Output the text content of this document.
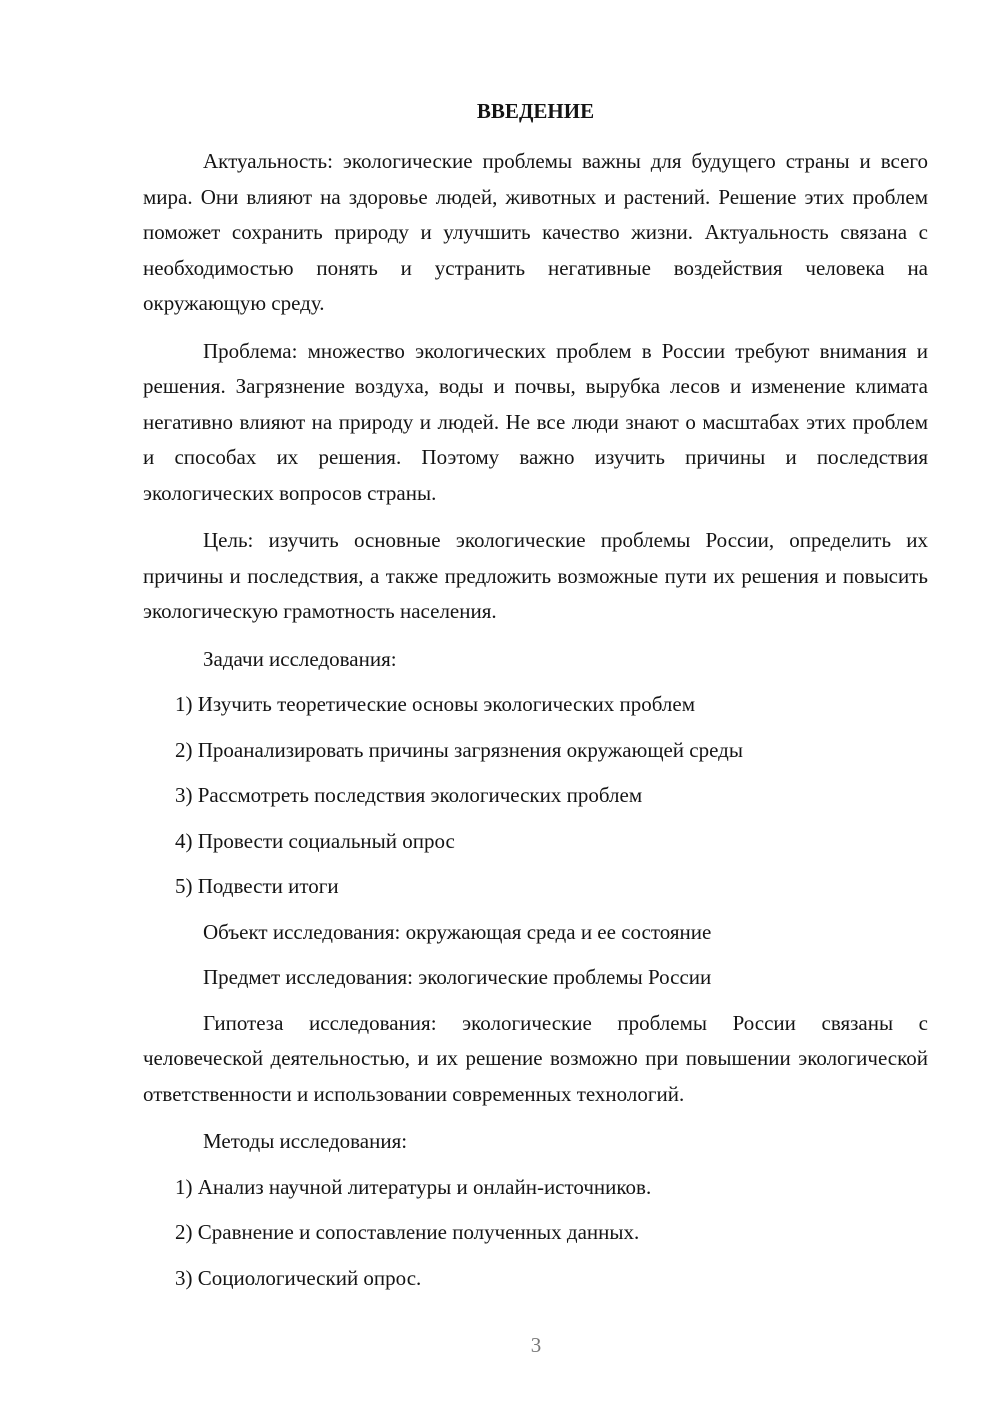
ВВЕДЕНИЕ
Актуальность: экологические проблемы важны для будущего страны и всего мира. Они влияют на здоровье людей, животных и растений. Решение этих проблем поможет сохранить природу и улучшить качество жизни. Актуальность связана с необходимостью понять и устранить негативные воздействия человека на окружающую среду.
Проблема: множество экологических проблем в России требуют внимания и решения. Загрязнение воздуха, воды и почвы, вырубка лесов и изменение климата негативно влияют на природу и людей. Не все люди знают о масштабах этих проблем и способах их решения. Поэтому важно изучить причины и последствия экологических вопросов страны.
Цель: изучить основные экологические проблемы России, определить их причины и последствия, а также предложить возможные пути их решения и повысить экологическую грамотность населения.
Задачи исследования:
1) Изучить теоретические основы экологических проблем
2) Проанализировать причины загрязнения окружающей среды
3) Рассмотреть последствия экологических проблем
4) Провести социальный опрос
5) Подвести итоги
Объект исследования: окружающая среда и ее состояние
Предмет исследования: экологические проблемы России
Гипотеза исследования: экологические проблемы России связаны с человеческой деятельностью, и их решение возможно при повышении экологической ответственности и использовании современных технологий.
Методы исследования:
1) Анализ научной литературы и онлайн-источников.
2) Сравнение и сопоставление полученных данных.
3) Социологический опрос.
3
